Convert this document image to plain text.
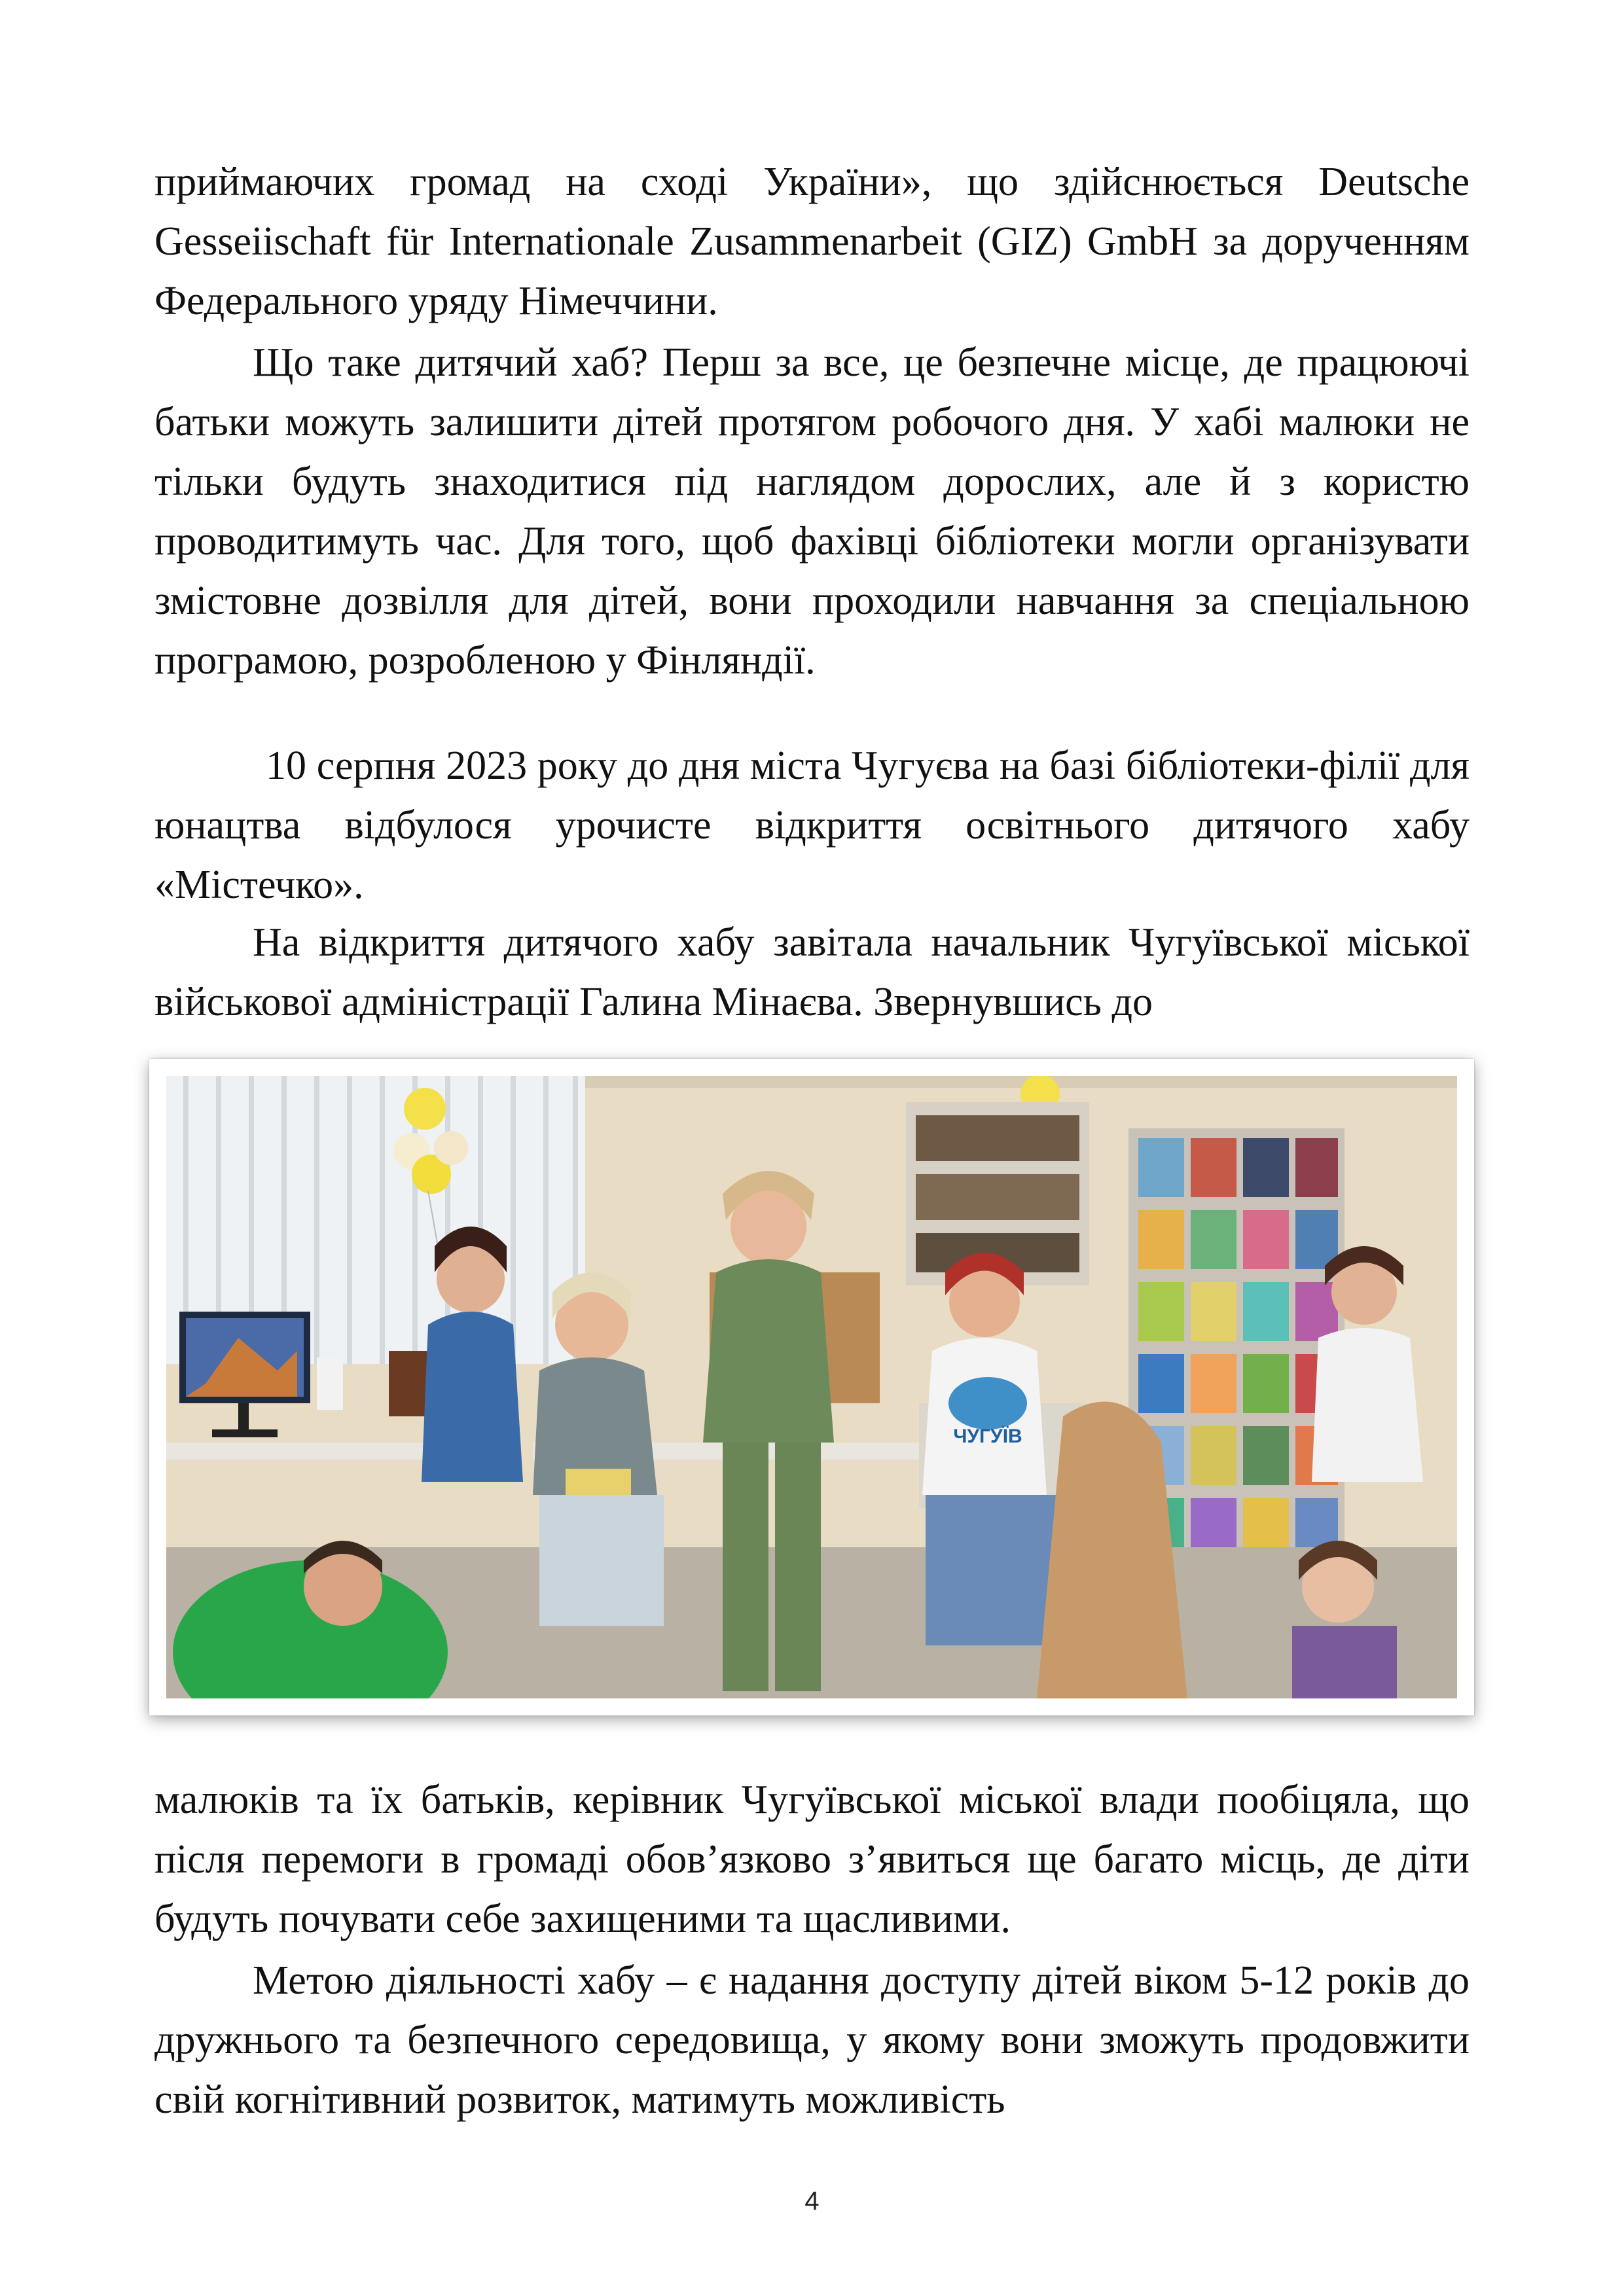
приймаючих громад на сході України», що здійснюється Deutsche Gesseiischaft für Internationale Zusammenarbeit (GIZ) GmbH за дорученням Федерального уряду Німеччини.

Що таке дитячий хаб? Перш за все, це безпечне місце, де працюючі батьки можуть залишити дітей протягом робочого дня. У хабі малюки не тільки будуть знаходитися під наглядом дорослих, але й з користю проводитимуть час. Для того, щоб фахівці бібліотеки могли організувати змістовне дозвілля для дітей, вони проходили навчання за спеціальною програмою, розробленою у Фінляндії.

10 серпня 2023 року до дня міста Чугуєва на базі бібліотеки-філії для юнацтва відбулося урочисте відкриття освітнього дитячого хабу «Містечко».

На відкриття дитячого хабу завітала начальник Чугуївської міської військової адміністрації Галина Мінаєва. Звернувшись до

ЧУГУЇВ

малюків та їх батьків, керівник Чугуївської міської влади пообіцяла, що після перемоги в громаді обов’язково з’явиться ще багато місць, де діти будуть почувати себе захищеними та щасливими.

Метою діяльності хабу – є надання доступу дітей віком 5-12 років до дружнього та безпечного середовища, у якому вони зможуть продовжити свій когнітивний розвиток, матимуть можливість

4
